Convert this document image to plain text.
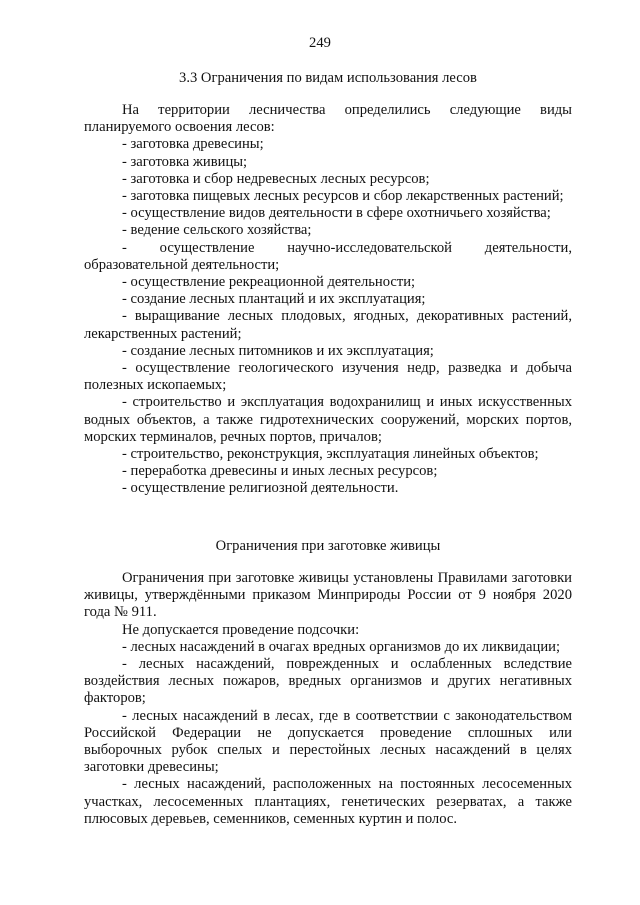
249
3.3 Ограничения по видам использования лесов

На территории лесничества определились следующие виды планируемого освоения лесов:

- заготовка древесины;

- заготовка живицы;

- заготовка и сбор недревесных лесных ресурсов;

- заготовка пищевых лесных ресурсов и сбор лекарственных растений;

- осуществление видов деятельности в сфере охотничьего хозяйства;

- ведение сельского хозяйства;

- осуществление научно-исследовательской деятельности, образовательной деятельности;

- осуществление рекреационной деятельности;

- создание лесных плантаций и их эксплуатация;

- выращивание лесных плодовых, ягодных, декоративных растений, лекарственных растений;

- создание лесных питомников и их эксплуатация;

- осуществление геологического изучения недр, разведка и добыча полезных ископаемых;

- строительство и эксплуатация водохранилищ и иных искусственных водных объектов, а также гидротехнических сооружений, морских портов, морских терминалов, речных портов, причалов;

- строительство, реконструкция, эксплуатация линейных объектов;

- переработка древесины и иных лесных ресурсов;

- осуществление религиозной деятельности.

Ограничения при заготовке живицы

Ограничения при заготовке живицы установлены Правилами заготовки живицы, утверждёнными приказом Минприроды России от 9 ноября 2020 года № 911.

Не допускается проведение подсочки:

- лесных насаждений в очагах вредных организмов до их ликвидации;

- лесных насаждений, поврежденных и ослабленных вследствие воздействия лесных пожаров, вредных организмов и других негативных факторов;

- лесных насаждений в лесах, где в соответствии с законодательством Российской Федерации не допускается проведение сплошных или выборочных рубок спелых и перестойных лесных насаждений в целях заготовки древесины;

- лесных насаждений, расположенных на постоянных лесосеменных участках, лесосеменных плантациях, генетических резерватах, а также плюсовых деревьев, семенников, семенных куртин и полос.
